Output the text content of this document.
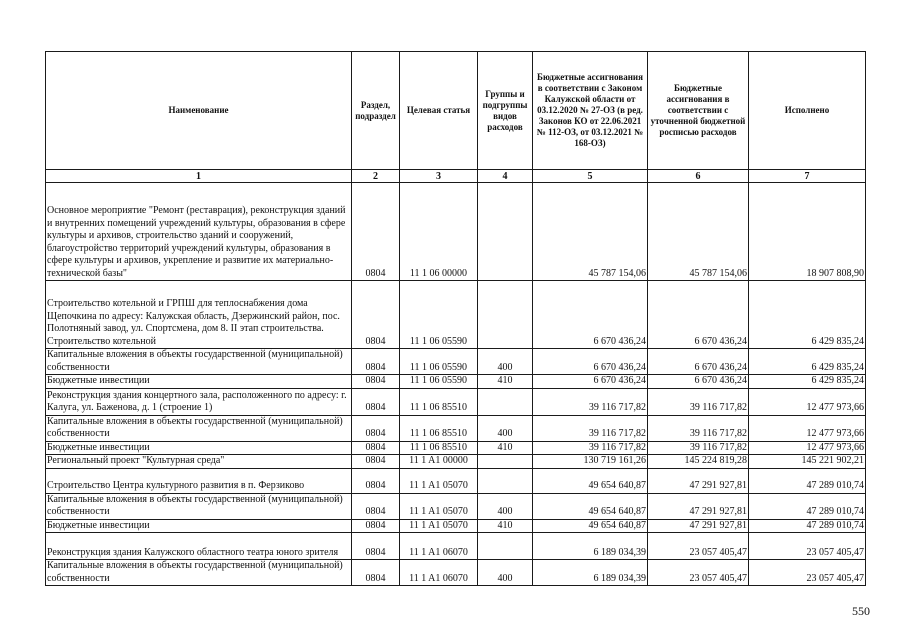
Наименование	Раздел, подраздел	Целевая статья	Группы и подгруппы видов расходов	Бюджетные ассигнования в соответствии с Законом Калужской области от 03.12.2020 № 27-ОЗ (в ред. Законов КО от 22.06.2021 № 112-ОЗ, от 03.12.2021 № 168-ОЗ)	Бюджетные ассигнования в соответствии с уточненной бюджетной росписью расходов	Исполнено
1	2	3	4	5	6	7
Основное мероприятие "Ремонт (реставрация), реконструкция зданий и внутренних помещений учреждений культуры, образования в сфере культуры и архивов, строительство зданий и сооружений, благоустройство территорий учреждений культуры, образования в сфере культуры и архивов, укрепление и развитие их материально-технической базы"	0804	11 1 06 00000		45 787 154,06	45 787 154,06	18 907 808,90
Строительство котельной и ГРПШ для теплоснабжения дома Щепочкина по адресу: Калужская область, Дзержинский район, пос. Полотняный завод, ул. Спортсмена, дом 8. II этап строительства. Строительство котельной	0804	11 1 06 05590		6 670 436,24	6 670 436,24	6 429 835,24
Капитальные вложения в объекты государственной (муниципальной) собственности	0804	11 1 06 05590	400	6 670 436,24	6 670 436,24	6 429 835,24
Бюджетные инвестиции	0804	11 1 06 05590	410	6 670 436,24	6 670 436,24	6 429 835,24
Реконструкция здания концертного зала, расположенного по адресу: г. Калуга, ул. Баженова, д. 1 (строение 1)	0804	11 1 06 85510		39 116 717,82	39 116 717,82	12 477 973,66
Капитальные вложения в объекты государственной (муниципальной) собственности	0804	11 1 06 85510	400	39 116 717,82	39 116 717,82	12 477 973,66
Бюджетные инвестиции	0804	11 1 06 85510	410	39 116 717,82	39 116 717,82	12 477 973,66
Региональный проект "Культурная среда"	0804	11 1 A1 00000		130 719 161,26	145 224 819,28	145 221 902,21
Строительство Центра культурного развития в п. Ферзиково	0804	11 1 A1 05070		49 654 640,87	47 291 927,81	47 289 010,74
Капитальные вложения в объекты государственной (муниципальной) собственности	0804	11 1 A1 05070	400	49 654 640,87	47 291 927,81	47 289 010,74
Бюджетные инвестиции	0804	11 1 A1 05070	410	49 654 640,87	47 291 927,81	47 289 010,74
Реконструкция здания Калужского областного театра юного зрителя	0804	11 1 A1 06070		6 189 034,39	23 057 405,47	23 057 405,47
Капитальные вложения в объекты государственной (муниципальной) собственности	0804	11 1 A1 06070	400	6 189 034,39	23 057 405,47	23 057 405,47
550
